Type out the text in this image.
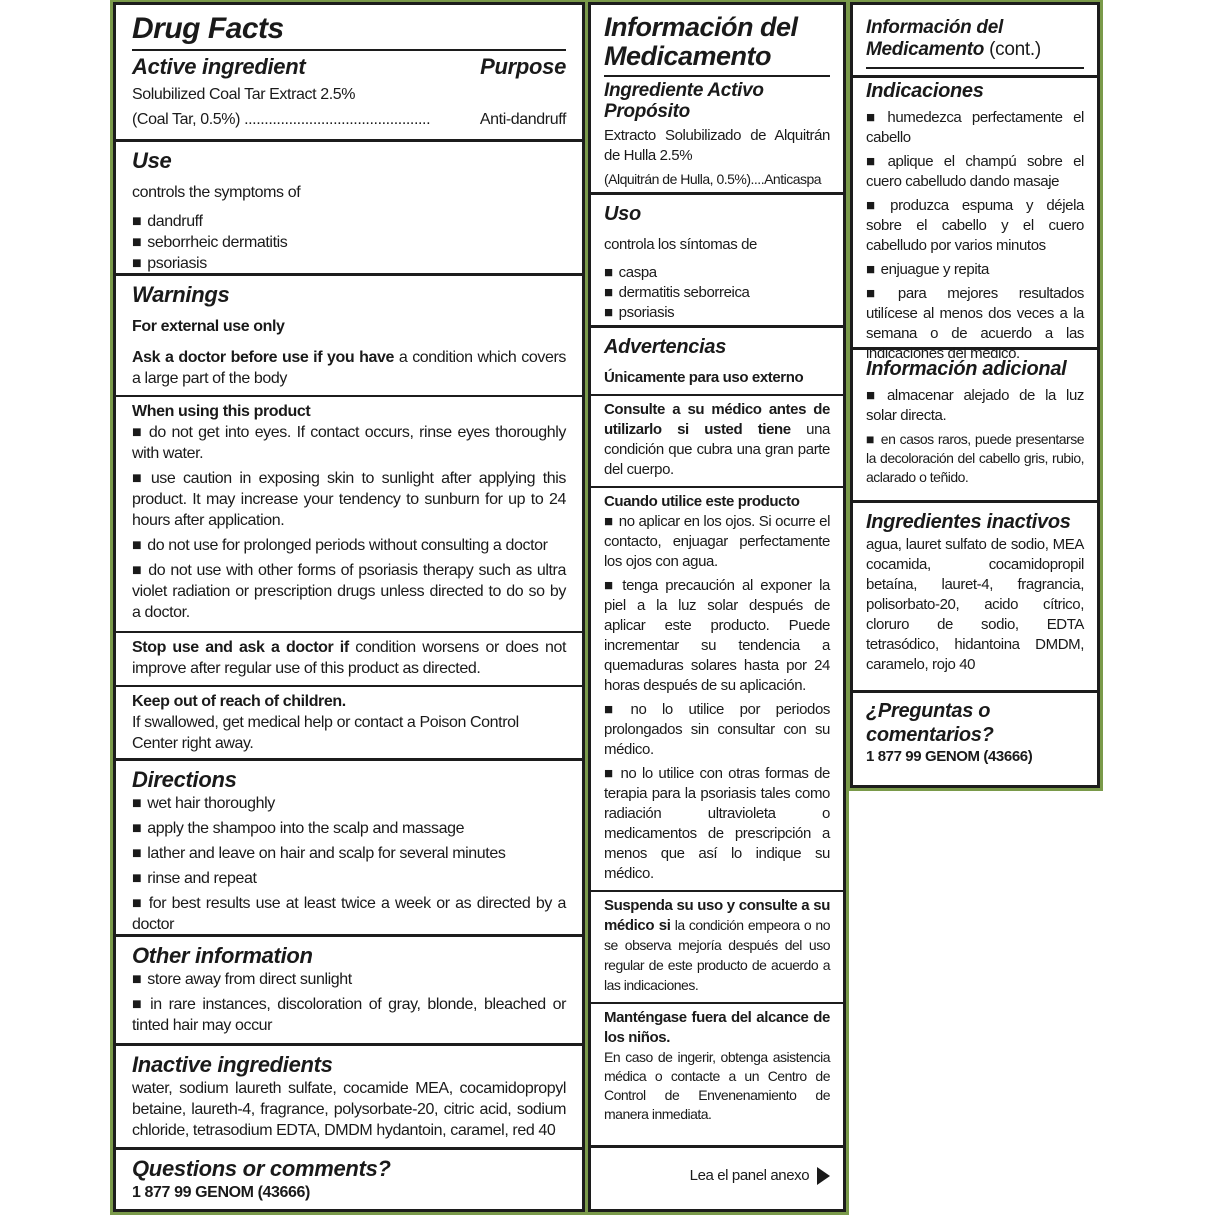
Drug Facts
Active ingredient	Purpose
Solubilized Coal Tar Extract 2.5%
(Coal Tar, 0.5%) ..............................................	Anti-dandruff
Use
controls the symptoms of
■ dandruff
■ seborrheic dermatitis
■ psoriasis
Warnings
For external use only
Ask a doctor before use if you have a condition which covers a large part of the body
When using this product
■ do not get into eyes. If contact occurs, rinse eyes thoroughly with water.
■ use caution in exposing skin to sunlight after applying this product. It may increase your tendency to sunburn for up to 24 hours after application.
■ do not use for prolonged periods without consulting a doctor
■ do not use with other forms of psoriasis therapy such as ultra violet radiation or prescription drugs unless directed to do so by a doctor.
Stop use and ask a doctor if condition worsens or does not improve after regular use of this product as directed.
Keep out of reach of children.
If swallowed, get medical help or contact a Poison Control Center right away.
Directions
■ wet hair thoroughly
■ apply the shampoo into the scalp and massage
■ lather and leave on hair and scalp for several minutes
■ rinse and repeat
■ for best results use at least twice a week or as directed by a doctor
Other information
■ store away from direct sunlight
■ in rare instances, discoloration of gray, blonde, bleached or tinted hair may occur
Inactive ingredients
water, sodium laureth sulfate, cocamide MEA, cocamidopropyl betaine, laureth-4, fragrance, polysorbate-20, citric acid, sodium chloride, tetrasodium EDTA, DMDM hydantoin, caramel, red 40
Questions or comments?
1 877 99 GENOM (43666)
Información del Medicamento
Ingrediente Activo
Propósito
Extracto Solubilizado de Alquitrán de Hulla 2.5%
(Alquitrán de Hulla, 0.5%)....Anticaspa
Uso
controla los síntomas de
■ caspa
■ dermatitis seborreica
■ psoriasis
Advertencias
Únicamente para uso externo
Consulte a su médico antes de utilizarlo si usted tiene una condición que cubra una gran parte del cuerpo.
Cuando utilice este producto
■ no aplicar en los ojos. Si ocurre el contacto, enjuagar perfectamente los ojos con agua.
■ tenga precaución al exponer la piel a la luz solar después de aplicar este producto. Puede incrementar su tendencia a quemaduras solares hasta por 24 horas después de su aplicación.
■ no lo utilice por periodos prolongados sin consultar con su médico.
■ no lo utilice con otras formas de terapia para la psoriasis tales como radiación ultravioleta o medicamentos de prescripción a menos que así lo indique su médico.
Suspenda su uso y consulte a su médico si la condición empeora o no se observa mejoría después del uso regular de este producto de acuerdo a las indicaciones.
Manténgase fuera del alcance de los niños.
En caso de ingerir, obtenga asistencia médica o contacte a un Centro de Control de Envenenamiento de manera inmediata.
Lea el panel anexo
Información del Medicamento (cont.)
Indicaciones
■ humedezca perfectamente el cabello
■ aplique el champú sobre el cuero cabelludo dando masaje
■ produzca espuma y déjela sobre el cabello y el cuero cabelludo por varios minutos
■ enjuague y repita
■ para mejores resultados utilícese al menos dos veces a la semana o de acuerdo a las indicaciones del médico.
Información adicional
■ almacenar alejado de la luz solar directa.
■ en casos raros, puede presentarse la decoloración del cabello gris, rubio, aclarado o teñido.
Ingredientes inactivos
agua, lauret sulfato de sodio, MEA cocamida, cocamidopropil betaína, lauret-4, fragrancia, polisorbato-20, acido cítrico, cloruro de sodio, EDTA tetrasódico, hidantoina DMDM, caramelo, rojo 40
¿Preguntas o comentarios?
1 877 99 GENOM (43666)
